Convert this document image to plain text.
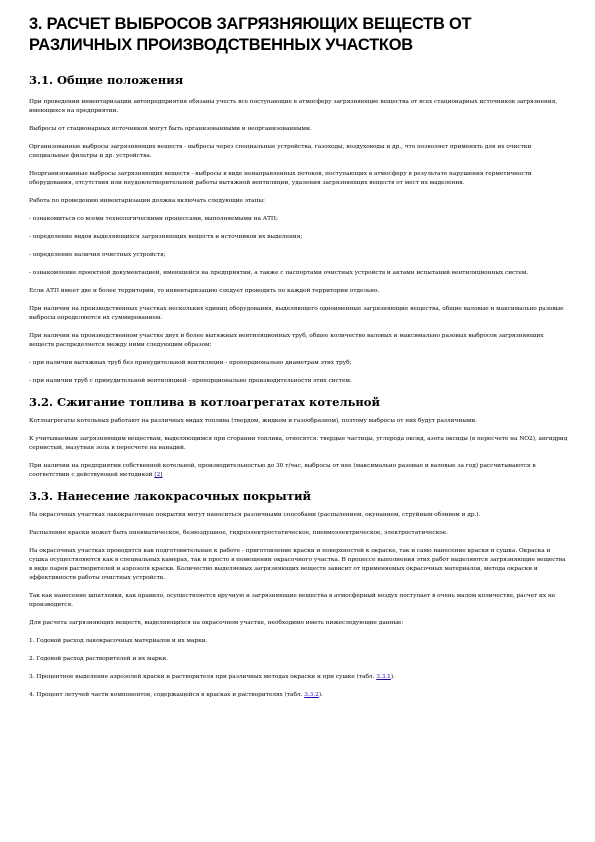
3. РАСЧЕТ ВЫБРОСОВ ЗАГРЯЗНЯЮЩИХ ВЕЩЕСТВ ОТ РАЗЛИЧНЫХ ПРОИЗВОДСТВЕННЫХ УЧАСТКОВ
3.1. Общие положения

При проведении инвентаризации автопредприятия обязаны учесть все поступающие в атмосферу загрязняющие вещества от всех стационарных источников загрязнения, имеющихся на предприятии.

Выбросы от стационарных источников могут быть организованными и неорганизованными.

Организованные выбросы загрязняющих веществ - выбросы через специальные устройства, газоходы, воздуховоды и др., что позволяет применять для их очистки специальные фильтры и др. устройства.

Неорганизованные выбросы загрязняющих веществ - выбросы в виде ненаправленных потоков, поступающих в атмосферу в результате нарушения герметичности оборудования, отсутствия или неудовлетворительной работы вытяжной вентиляции, удаления загрязняющих веществ от мест их выделения.

Работа по проведению инвентаризации должна включать следующие этапы:

- ознакомиться со всеми технологическими процессами, выполняемыми на АТП;

- определение видов выделяющихся загрязняющих веществ и источников их выделения;

- определение наличия очистных устройств;

- ознакомление проектной документацией, имеющейся на предприятии, а также с паспортами очистных устройств и актами испытаний вентиляционных систем.

Если АТП имеет две и более территории, то инвентаризацию следует проводить по каждой территории отдельно.

При наличии на производственных участках нескольких единиц оборудования, выделяющего одноименные загрязняющие вещества, общие валовые и максимально разовые выбросы определяются их суммированием.

При наличии на производственном участке двух и более вытяжных вентиляционных труб, общее количество валовых и максимально разовых выбросов загрязняющих веществ распределяется между ними следующим образом:

- при наличии вытяжных труб без принудительной вентиляции - пропорционально диаметрам этих труб;

- при наличии труб с принудительной вентиляцией - пропорционально производительности этих систем.

3.2. Сжигание топлива в котлоагрегатах котельной

Котлоагрегаты котельных работают на различных видах топлива (твердом, жидком и газообразном), поэтому выбросы от них будут различными.

К учитываемым загрязняющим веществам, выделяющимся при сгорании топлива, относятся: твердые частицы, углерода оксид, азота оксиды (в пересчете на NO2), ангидрид сернистый, мазутная зола в пересчете на ванадий.

При наличии на предприятии собственной котельной, производительностью до 30 т/час, выбросы от нее (максимально разовые и валовые за год) рассчитываются в соответствии с действующей методикой [2]

3.3. Нанесение лакокрасочных покрытий

На окрасочных участках лакокрасочные покрытия могут наноситься различными способами (распылением, окунанием, струйным обливом и др.).

Распыление краски может быть пневматическое, безвоздушное, гидроэлектростатическое, пневмоэлектрическое, электростатическое.

На окрасочных участках проводятся как подготовительные к работе - приготовление краски и поверхностей к окраске, так и само нанесение краски и сушка. Окраска и сушка осуществляются как в специальных камерах, так и просто в помещении окрасочного участка. В процессе выполнения этих работ выделяются загрязняющие вещества в виде паров растворителей и аэрозоля краски. Количество выделяемых загрязняющих веществ зависит от применяемых окрасочных материалов, метода окраски и эффективности работы очистных устройств.

Так как нанесение шпатлевки, как правило, осуществляется вручную и загрязняющие вещества в атмосферный воздух поступает в очень малом количестве, расчет их не производится.

Для расчета загрязняющих веществ, выделяющихся на окрасочном участке, необходимо иметь нижеследующие данные:

1. Годовой расход лакокрасочных материалов и их марки.

2. Годовой расход растворителей и их марки.

3. Процентное выделение аэрозолей краски и растворителя при различных методах окраски и при сушке (табл. 3.3.1).

4. Процент летучей части компонентов, содержащейся в красках и растворителях (табл. 3.3.2).
